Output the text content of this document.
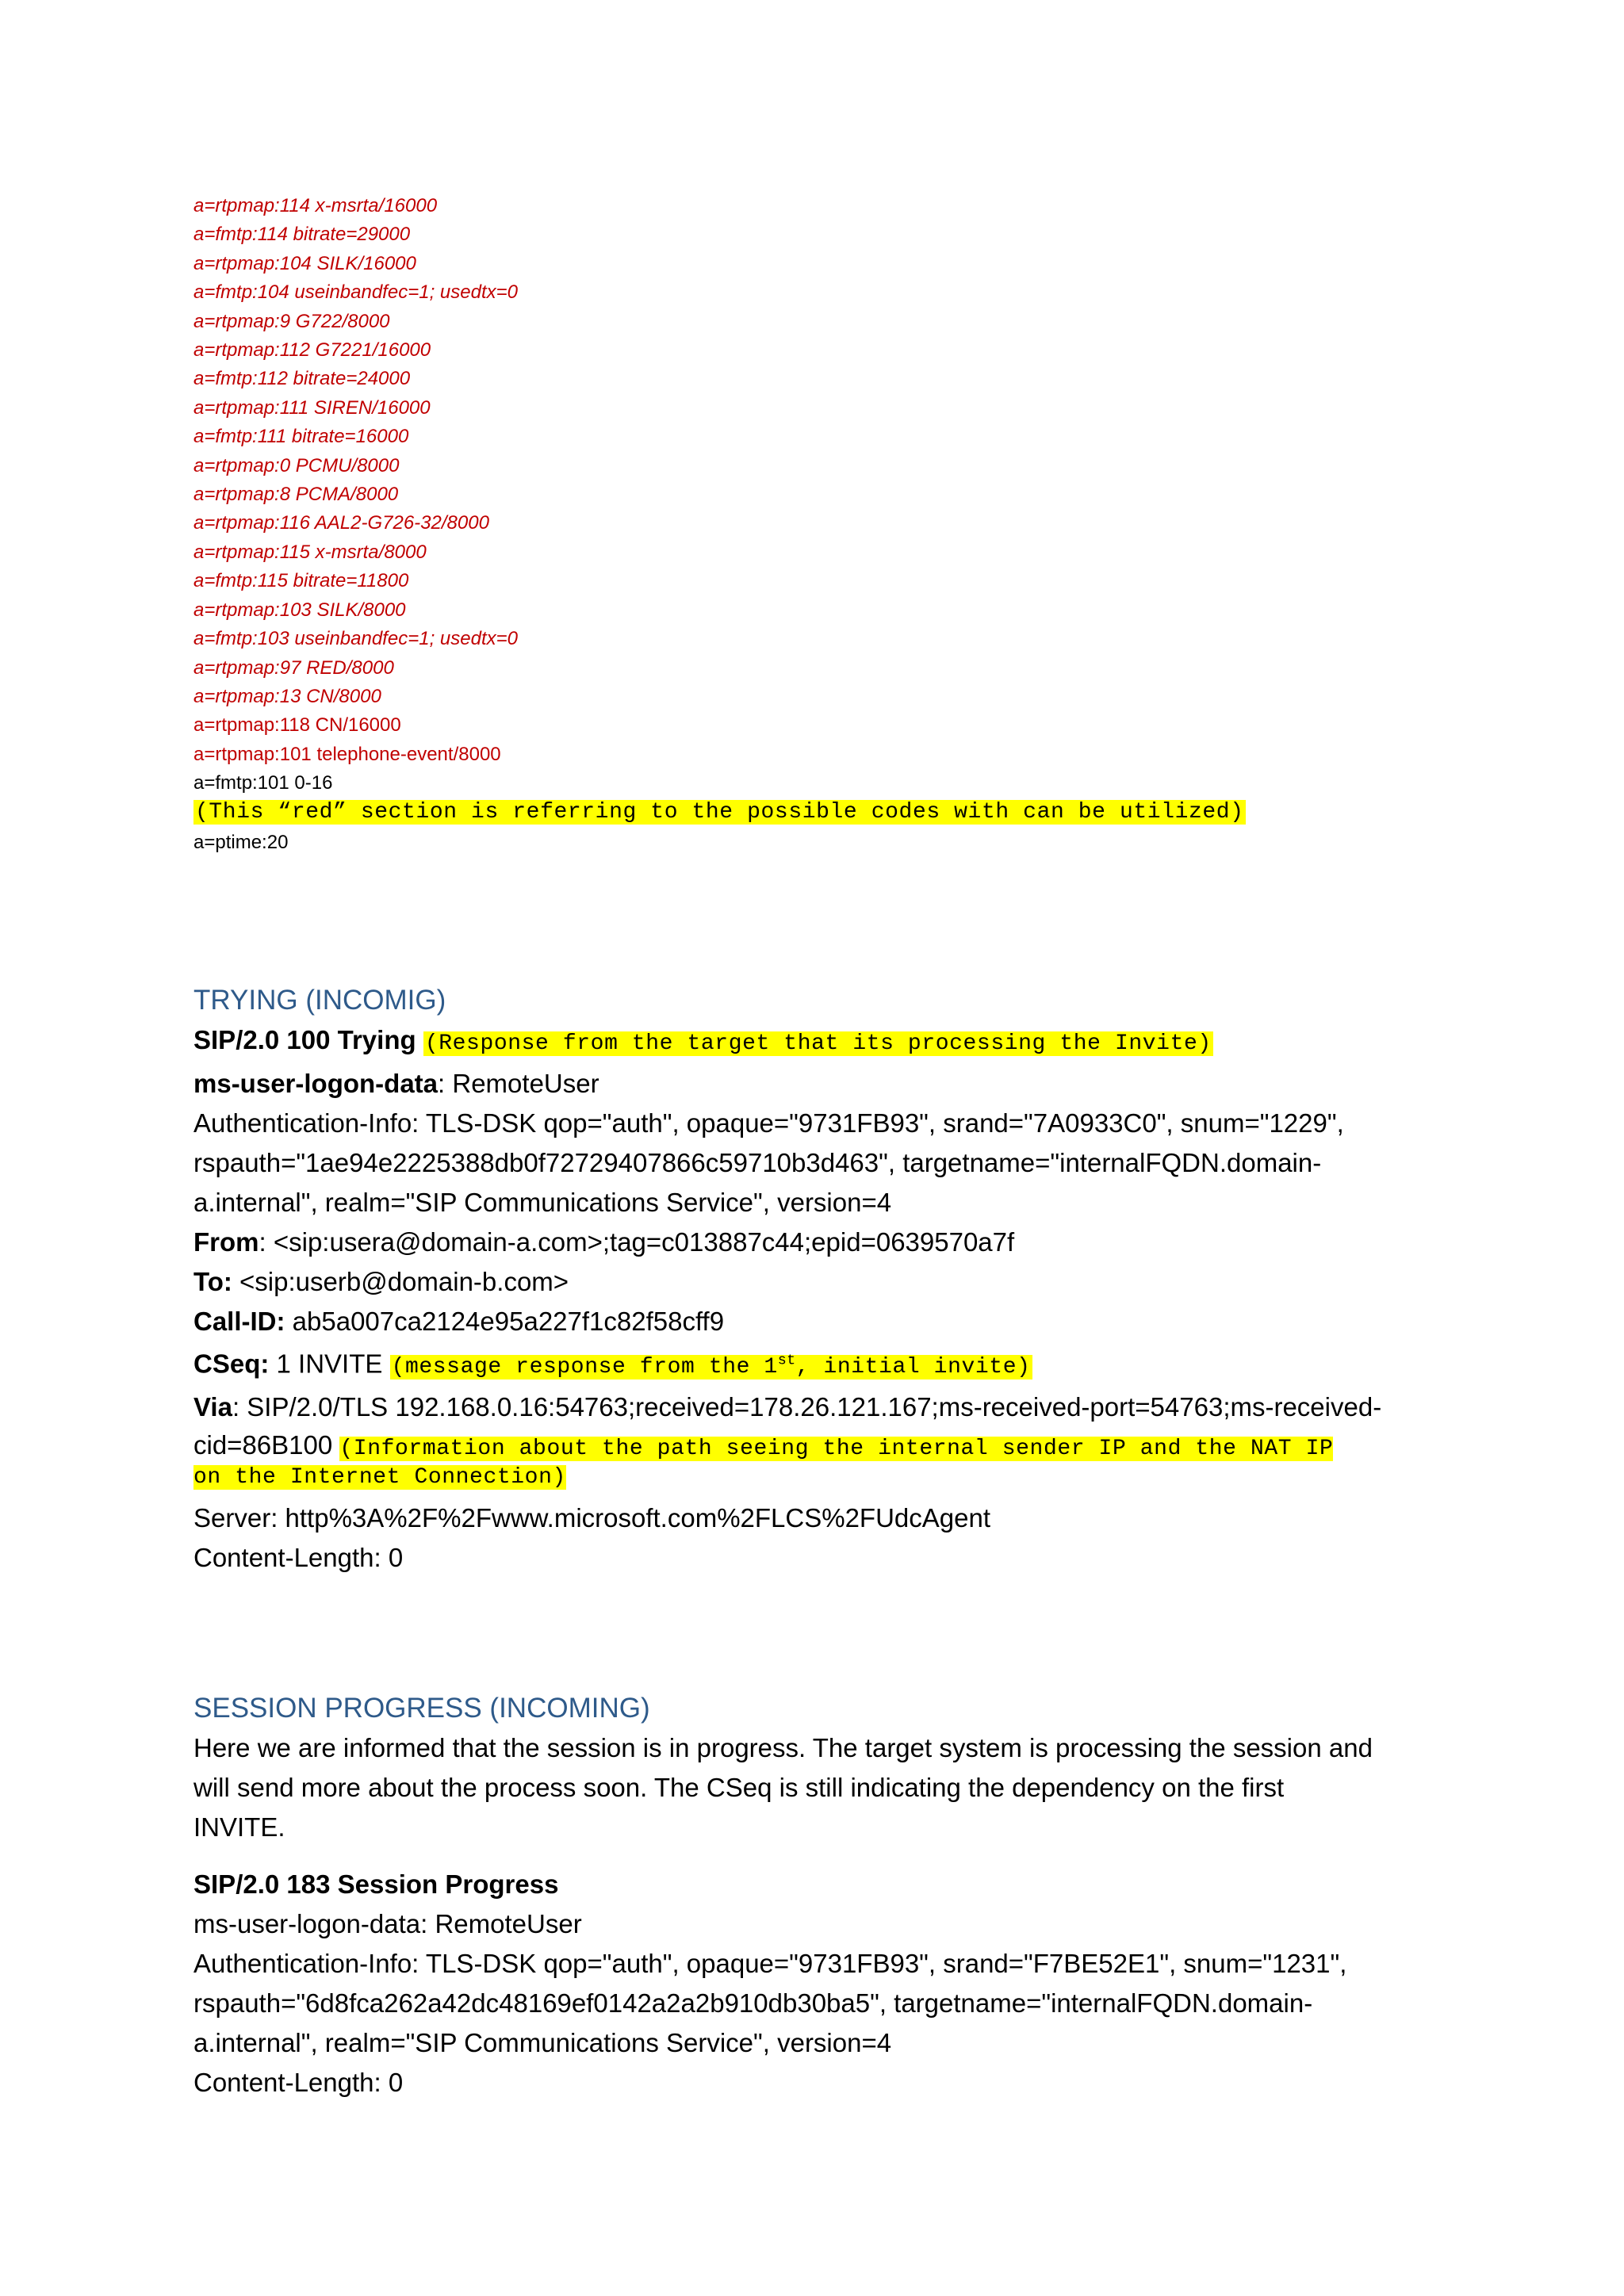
a=rtpmap:114 x-msrta/16000
a=fmtp:114 bitrate=29000
a=rtpmap:104 SILK/16000
a=fmtp:104 useinbandfec=1; usedtx=0
a=rtpmap:9 G722/8000
a=rtpmap:112 G7221/16000
a=fmtp:112 bitrate=24000
a=rtpmap:111 SIREN/16000
a=fmtp:111 bitrate=16000
a=rtpmap:0 PCMU/8000
a=rtpmap:8 PCMA/8000
a=rtpmap:116 AAL2-G726-32/8000
a=rtpmap:115 x-msrta/8000
a=fmtp:115 bitrate=11800
a=rtpmap:103 SILK/8000
a=fmtp:103 useinbandfec=1; usedtx=0
a=rtpmap:97 RED/8000
a=rtpmap:13 CN/8000
a=rtpmap:118 CN/16000
a=rtpmap:101 telephone-event/8000
a=fmtp:101 0-16
(This “red” section is referring to the possible codes with can be utilized)
a=ptime:20
TRYING (INCOMIG)
SIP/2.0 100 Trying (Response from the target that its processing the Invite)
ms-user-logon-data: RemoteUser
Authentication-Info: TLS-DSK qop="auth", opaque="9731FB93", srand="7A0933C0", snum="1229",
rspauth="1ae94e2225388db0f72729407866c59710b3d463", targetname="internalFQDN.domain-
a.internal", realm="SIP Communications Service", version=4
From: <sip:usera@domain-a.com>;tag=c013887c44;epid=0639570a7f
To: <sip:userb@domain-b.com>
Call-ID: ab5a007ca2124e95a227f1c82f58cff9
CSeq: 1 INVITE (message response from the 1st, initial invite)
Via: SIP/2.0/TLS 192.168.0.16:54763;received=178.26.121.167;ms-received-port=54763;ms-received-
cid=86B100 (Information about the path seeing the internal sender IP and the NAT IP
on the Internet Connection)
Server: http%3A%2F%2Fwww.microsoft.com%2FLCS%2FUdcAgent
Content-Length: 0
SESSION PROGRESS (INCOMING)
Here we are informed that the session is in progress. The target system is processing the session and
will send more about the process soon. The CSeq is still indicating the dependency on the first
INVITE.
SIP/2.0 183 Session Progress
ms-user-logon-data: RemoteUser
Authentication-Info: TLS-DSK qop="auth", opaque="9731FB93", srand="F7BE52E1", snum="1231",
rspauth="6d8fca262a42dc48169ef0142a2a2b910db30ba5", targetname="internalFQDN.domain-
a.internal", realm="SIP Communications Service", version=4
Content-Length: 0
